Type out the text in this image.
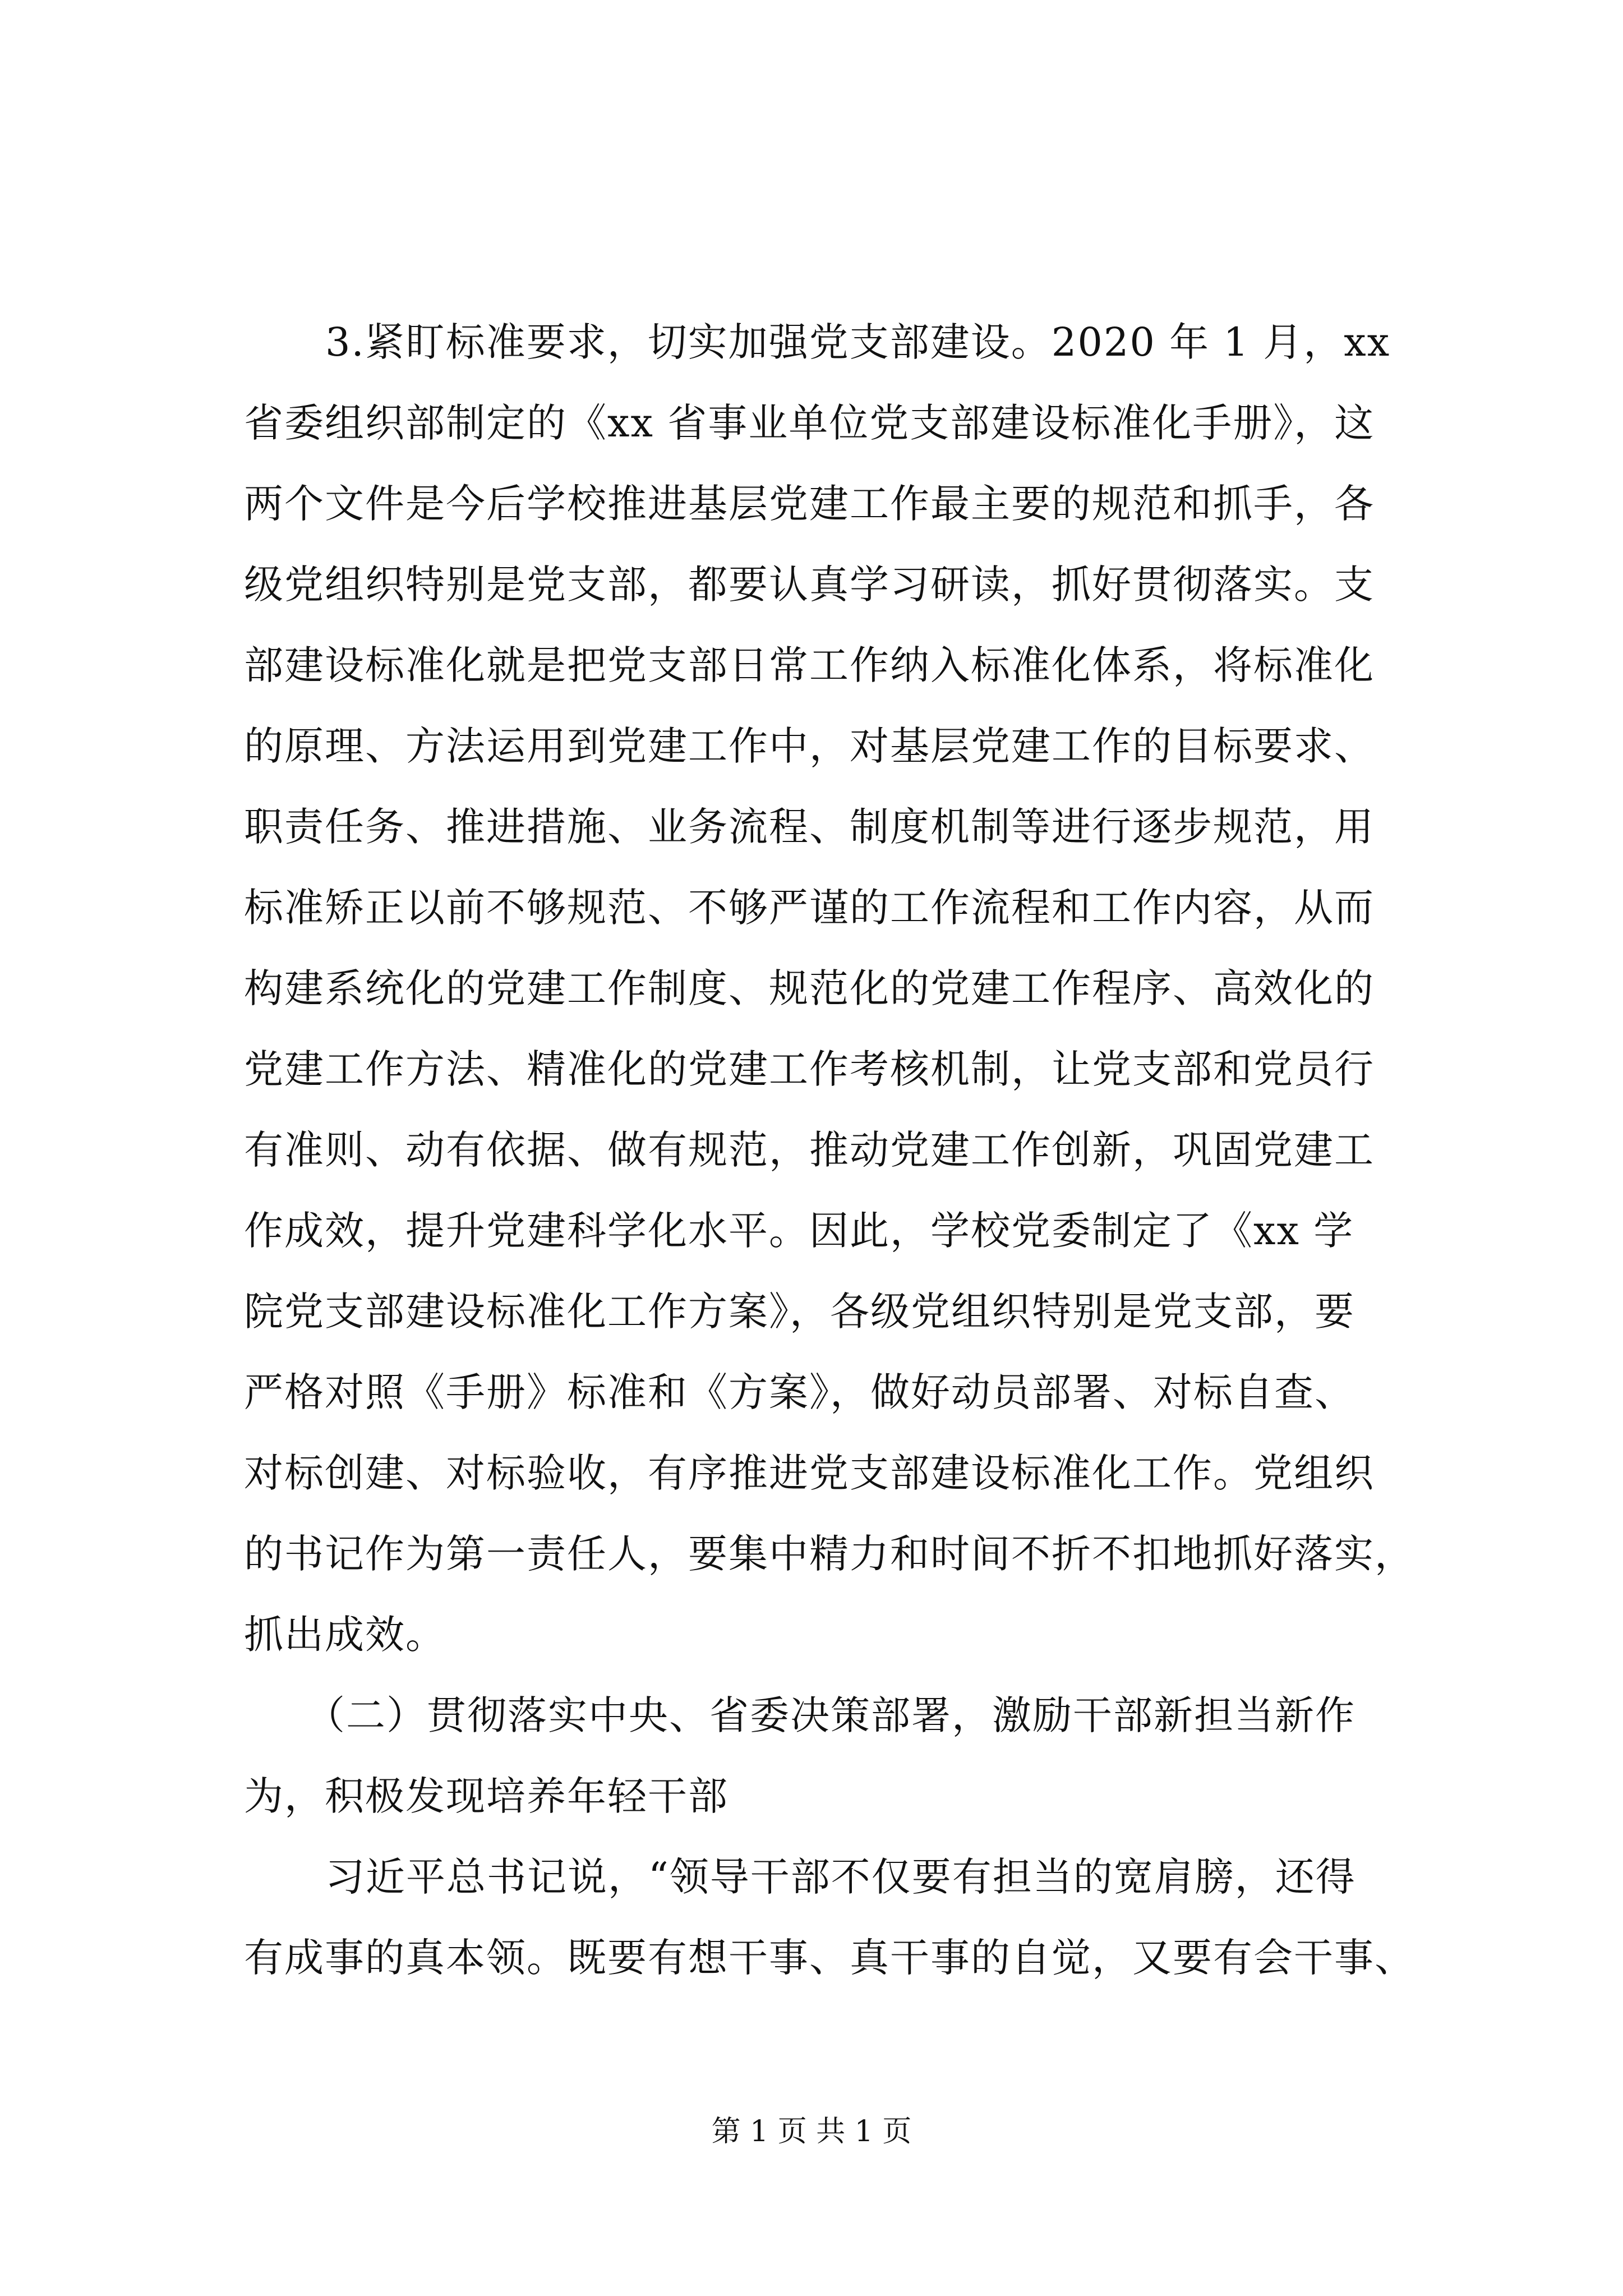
3.紧盯标准要求，切实加强党支部建设。2020 年 1 月，xx
省委组织部制定的《xx 省事业单位党支部建设标准化手册》，这
两个文件是今后学校推进基层党建工作最主要的规范和抓手，各
级党组织特别是党支部，都要认真学习研读，抓好贯彻落实。支
部建设标准化就是把党支部日常工作纳入标准化体系，将标准化
的原理、方法运用到党建工作中，对基层党建工作的目标要求、
职责任务、推进措施、业务流程、制度机制等进行逐步规范，用
标准矫正以前不够规范、不够严谨的工作流程和工作内容，从而
构建系统化的党建工作制度、规范化的党建工作程序、高效化的
党建工作方法、精准化的党建工作考核机制，让党支部和党员行
有准则、动有依据、做有规范，推动党建工作创新，巩固党建工
作成效，提升党建科学化水平。因此，学校党委制定了《xx 学
院党支部建设标准化工作方案》，各级党组织特别是党支部，要
严格对照《手册》标准和《方案》，做好动员部署、对标自查、
对标创建、对标验收，有序推进党支部建设标准化工作。党组织
的书记作为第一责任人，要集中精力和时间不折不扣地抓好落实，
抓出成效。
（二）贯彻落实中央、省委决策部署，激励干部新担当新作
为，积极发现培养年轻干部
习近平总书记说，“领导干部不仅要有担当的宽肩膀，还得
有成事的真本领。既要有想干事、真干事的自觉，又要有会干事、
第 1 页 共 1 页
